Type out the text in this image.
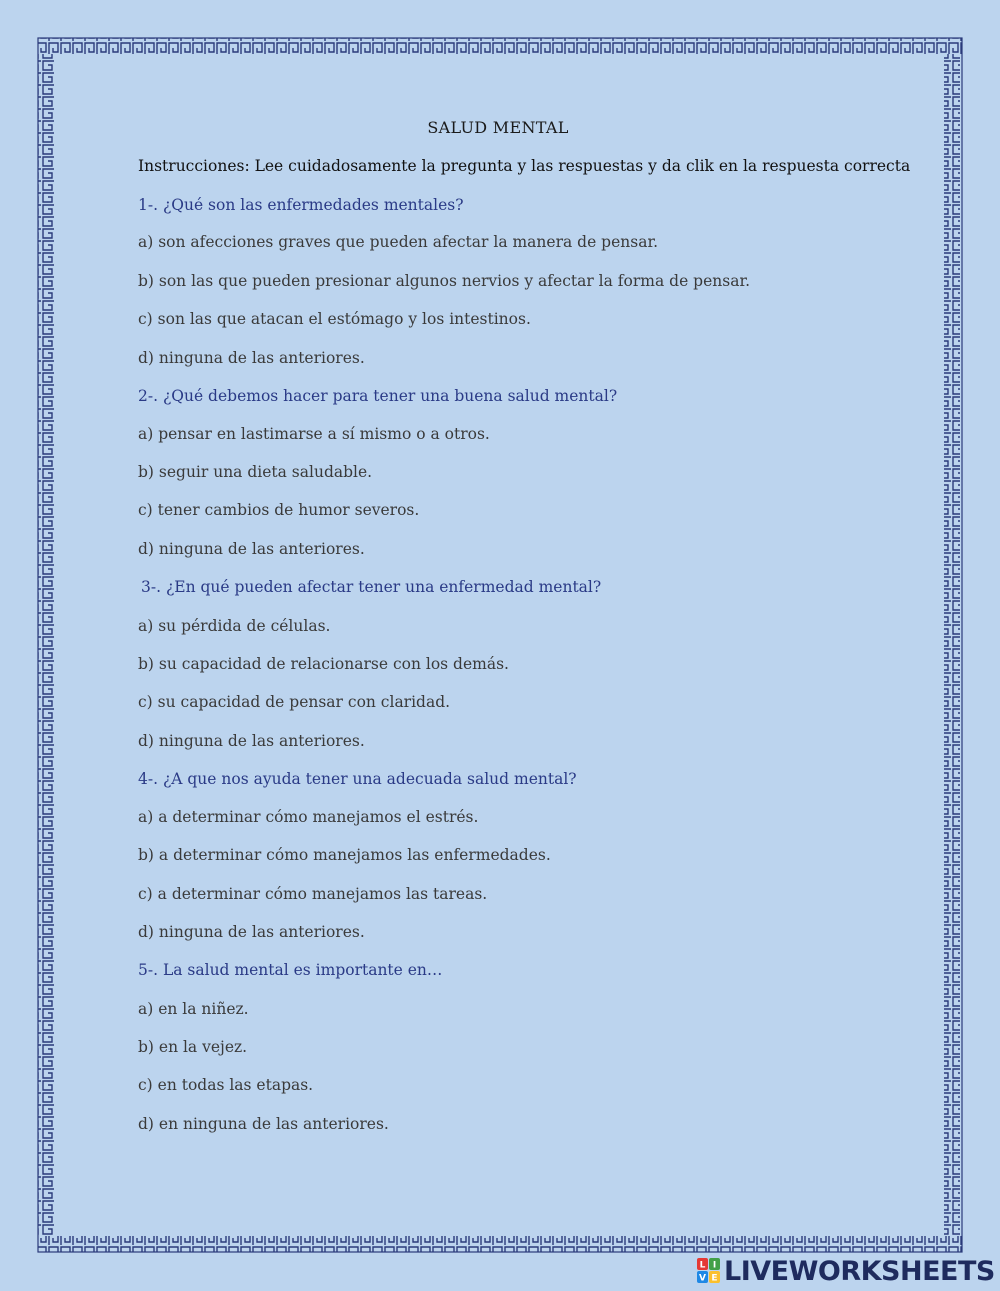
SALUD MENTAL
Instrucciones: Lee cuidadosamente la pregunta y las respuestas y da clik en la respuesta correcta
1-. ¿Qué son las enfermedades mentales?
a) son afecciones graves que pueden afectar la manera de pensar.
b) son las que pueden presionar algunos nervios y afectar la forma de pensar.
c) son las que atacan el estómago y los intestinos.
d) ninguna de las anteriores.
2-. ¿Qué debemos hacer para tener una buena salud mental?
a) pensar en lastimarse a sí mismo o a otros.
b) seguir una dieta saludable.
c) tener cambios de humor severos.
d) ninguna de las anteriores.
3-. ¿En qué pueden afectar tener una enfermedad mental?
a) su pérdida de células.
b) su capacidad de relacionarse con los demás.
c) su capacidad de pensar con claridad.
d) ninguna de las anteriores.
4-. ¿A que nos ayuda tener una adecuada salud mental?
a) a determinar cómo manejamos el estrés.
b) a determinar cómo manejamos las enfermedades.
c) a determinar cómo manejamos las tareas.
d) ninguna de las anteriores.
5-. La salud mental es importante en…
a) en la niñez.
b) en la vejez.
c) en todas las etapas.
d) en ninguna de las anteriores.
L I
V E LIVEWORKSHEETS
